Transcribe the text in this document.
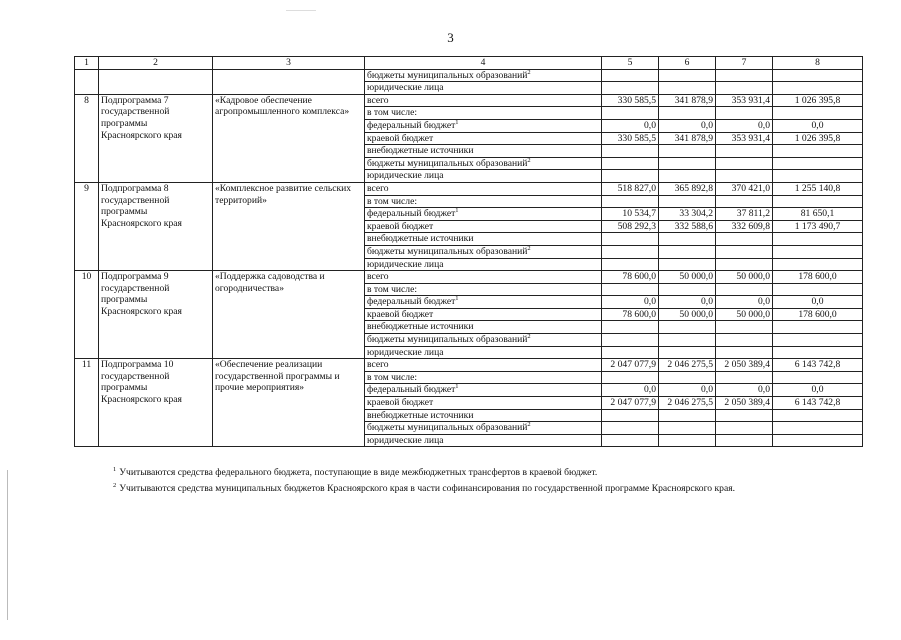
3
1	2	3	4	5	6	7	8
			бюджеты муниципальных образований$^2$				
			юридические лица				
8	Подпрограмма 7 государственной программы Красноярского края	«Кадровое обеспечение агропромышленного комплекса»	всего	330 585,5	341 878,9	353 931,4	1 026 395,8
			в том числе:				
			федеральный бюджет$^1$	0,0	0,0	0,0	0,0
			краевой бюджет	330 585,5	341 878,9	353 931,4	1 026 395,8
			внебюджетные источники				
			бюджеты муниципальных образований$^2$				
			юридические лица				
9	Подпрограмма 8 государственной программы Красноярского края	«Комплексное развитие сельских территорий»	всего	518 827,0	365 892,8	370 421,0	1 255 140,8
			в том числе:				
			федеральный бюджет$^1$	10 534,7	33 304,2	37 811,2	81 650,1
			краевой бюджет	508 292,3	332 588,6	332 609,8	1 173 490,7
			внебюджетные источники				
			бюджеты муниципальных образований$^2$				
			юридические лица				
10	Подпрограмма 9 государственной программы Красноярского края	«Поддержка садоводства и огородничества»	всего	78 600,0	50 000,0	50 000,0	178 600,0
			в том числе:				
			федеральный бюджет$^1$	0,0	0,0	0,0	0,0
			краевой бюджет	78 600,0	50 000,0	50 000,0	178 600,0
			внебюджетные источники				
			бюджеты муниципальных образований$^2$				
			юридические лица				
11	Подпрограмма 10 государственной программы Красноярского края	«Обеспечение реализации государственной программы и прочие мероприятия»	всего	2 047 077,9	2 046 275,5	2 050 389,4	6 143 742,8
			в том числе:				
			федеральный бюджет$^1$	0,0	0,0	0,0	0,0
			краевой бюджет	2 047 077,9	2 046 275,5	2 050 389,4	6 143 742,8
			внебюджетные источники				
			бюджеты муниципальных образований$^2$				
			юридические лица				
$^1$ Учитываются средства федерального бюджета, поступающие в виде межбюджетных трансфертов в краевой бюджет.
$^2$ Учитываются средства муниципальных бюджетов Красноярского края в части софинансирования по государственной программе Красноярского края.
